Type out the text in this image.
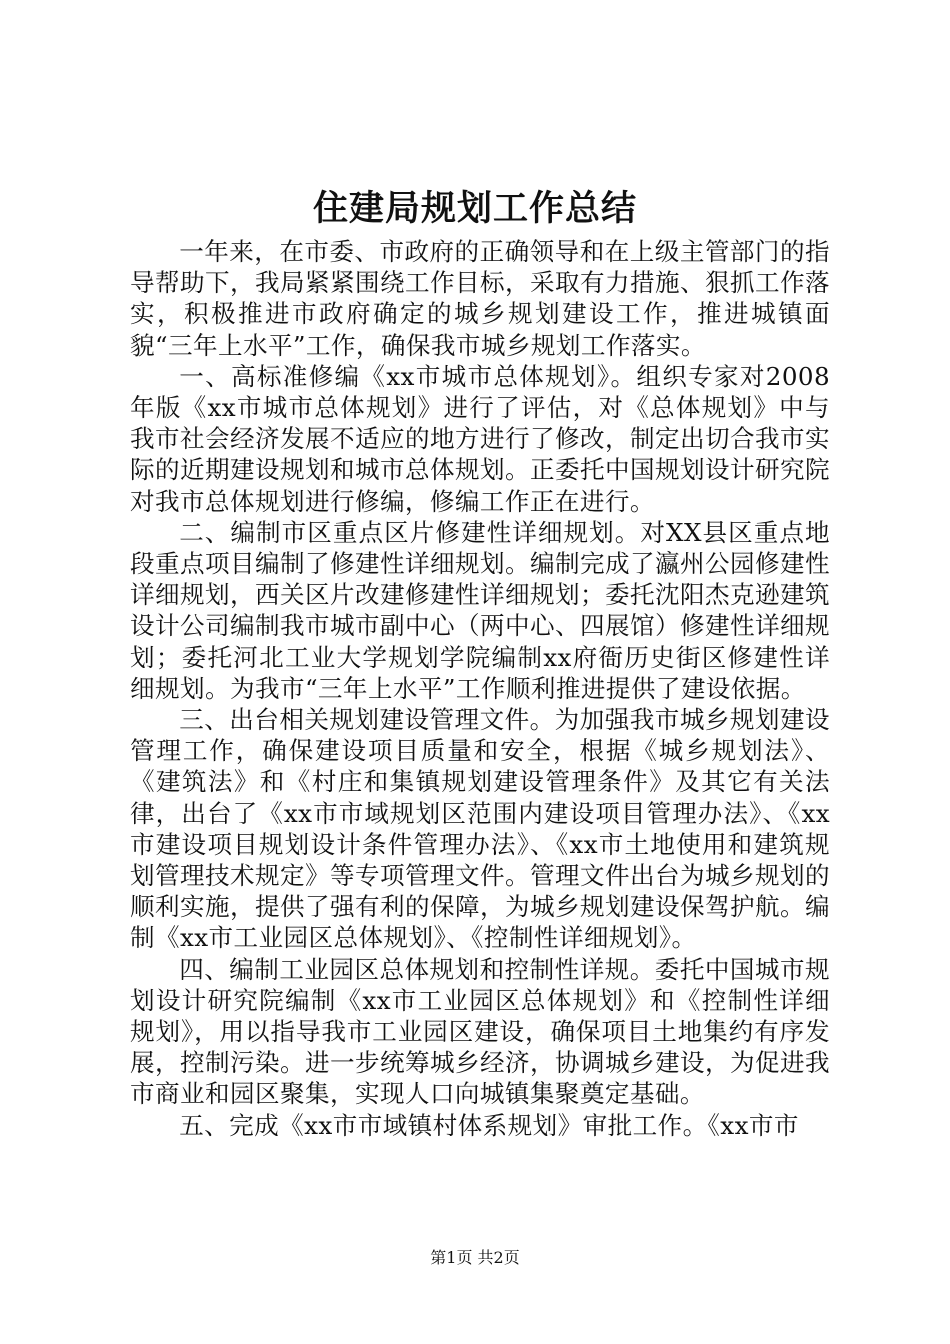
住建局规划工作总结

一年来，在市委、市政府的正确领导和在上级主管部门的指导帮助下，我局紧紧围绕工作目标，采取有力措施、狠抓工作落实，积极推进市政府确定的城乡规划建设工作，推进城镇面貌“三年上水平”工作，确保我市城乡规划工作落实。

一、高标准修编《xx市城市总体规划》。组织专家对2008年版《xx市城市总体规划》进行了评估，对《总体规划》中与我市社会经济发展不适应的地方进行了修改，制定出切合我市实际的近期建设规划和城市总体规划。正委托中国规划设计研究院对我市总体规划进行修编，修编工作正在进行。

二、编制市区重点区片修建性详细规划。对XX县区重点地段重点项目编制了修建性详细规划。编制完成了瀛州公园修建性详细规划，西关区片改建修建性详细规划；委托沈阳杰克逊建筑设计公司编制我市城市副中心（两中心、四展馆）修建性详细规划；委托河北工业大学规划学院编制xx府衙历史街区修建性详细规划。为我市“三年上水平”工作顺利推进提供了建设依据。

三、出台相关规划建设管理文件。为加强我市城乡规划建设管理工作，确保建设项目质量和安全，根据《城乡规划法》、《建筑法》和《村庄和集镇规划建设管理条件》及其它有关法律，出台了《xx市市域规划区范围内建设项目管理办法》、《xx市建设项目规划设计条件管理办法》、《xx市土地使用和建筑规划管理技术规定》等专项管理文件。管理文件出台为城乡规划的顺利实施，提供了强有利的保障，为城乡规划建设保驾护航。编制《xx市工业园区总体规划》、《控制性详细规划》。

四、编制工业园区总体规划和控制性详规。委托中国城市规划设计研究院编制《xx市工业园区总体规划》和《控制性详细规划》，用以指导我市工业园区建设，确保项目土地集约有序发展，控制污染。进一步统筹城乡经济，协调城乡建设，为促进我市商业和园区聚集，实现人口向城镇集聚奠定基础。

五、完成《xx市市域镇村体系规划》审批工作。《xx市市

第1页 共2页
